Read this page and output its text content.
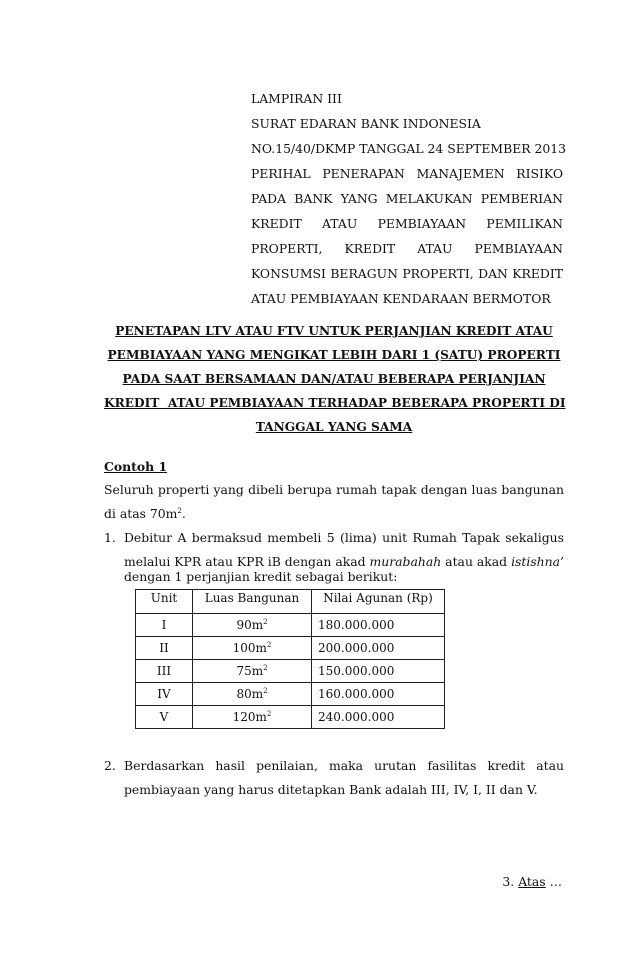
LAMPIRAN III
SURAT EDARAN BANK INDONESIA
NO.15/40/DKMP TANGGAL 24 SEPTEMBER 2013
PERIHAL PENERAPAN MANAJEMEN RISIKO
PADA BANK YANG MELAKUKAN PEMBERIAN
KREDIT ATAU PEMBIAYAAN PEMILIKAN
PROPERTI, KREDIT ATAU PEMBIAYAAN
KONSUMSI BERAGUN PROPERTI, DAN KREDIT
ATAU PEMBIAYAAN KENDARAAN BERMOTOR
PENETAPAN LTV ATAU FTV UNTUK PERJANJIAN KREDIT ATAU
PEMBIAYAAN YANG MENGIKAT LEBIH DARI 1 (SATU) PROPERTI
PADA SAAT BERSAMAAN DAN/ATAU BEBERAPA PERJANJIAN
KREDIT  ATAU PEMBIAYAAN TERHADAP BEBERAPA PROPERTI DI
TANGGAL YANG SAMA
Contoh 1
Seluruh properti yang dibeli berupa rumah tapak dengan luas bangunan
di atas $70m^2$.
1. Debitur A bermaksud membeli 5 (lima) unit Rumah Tapak sekaligus
melalui KPR atau KPR iB dengan akad murabahah atau akad istishna’
dengan 1 perjanjian kredit sebagai berikut:
Unit	Luas Bangunan	Nilai Agunan (Rp)
I	$90m^2$	180.000.000
II	$100m^2$	200.000.000
III	$75m^2$	150.000.000
IV	$80m^2$	160.000.000
V	$120m^2$	240.000.000
2. Berdasarkan hasil penilaian, maka urutan fasilitas kredit atau
pembiayaan yang harus ditetapkan Bank adalah III, IV, I, II dan V.
3. Atas …
